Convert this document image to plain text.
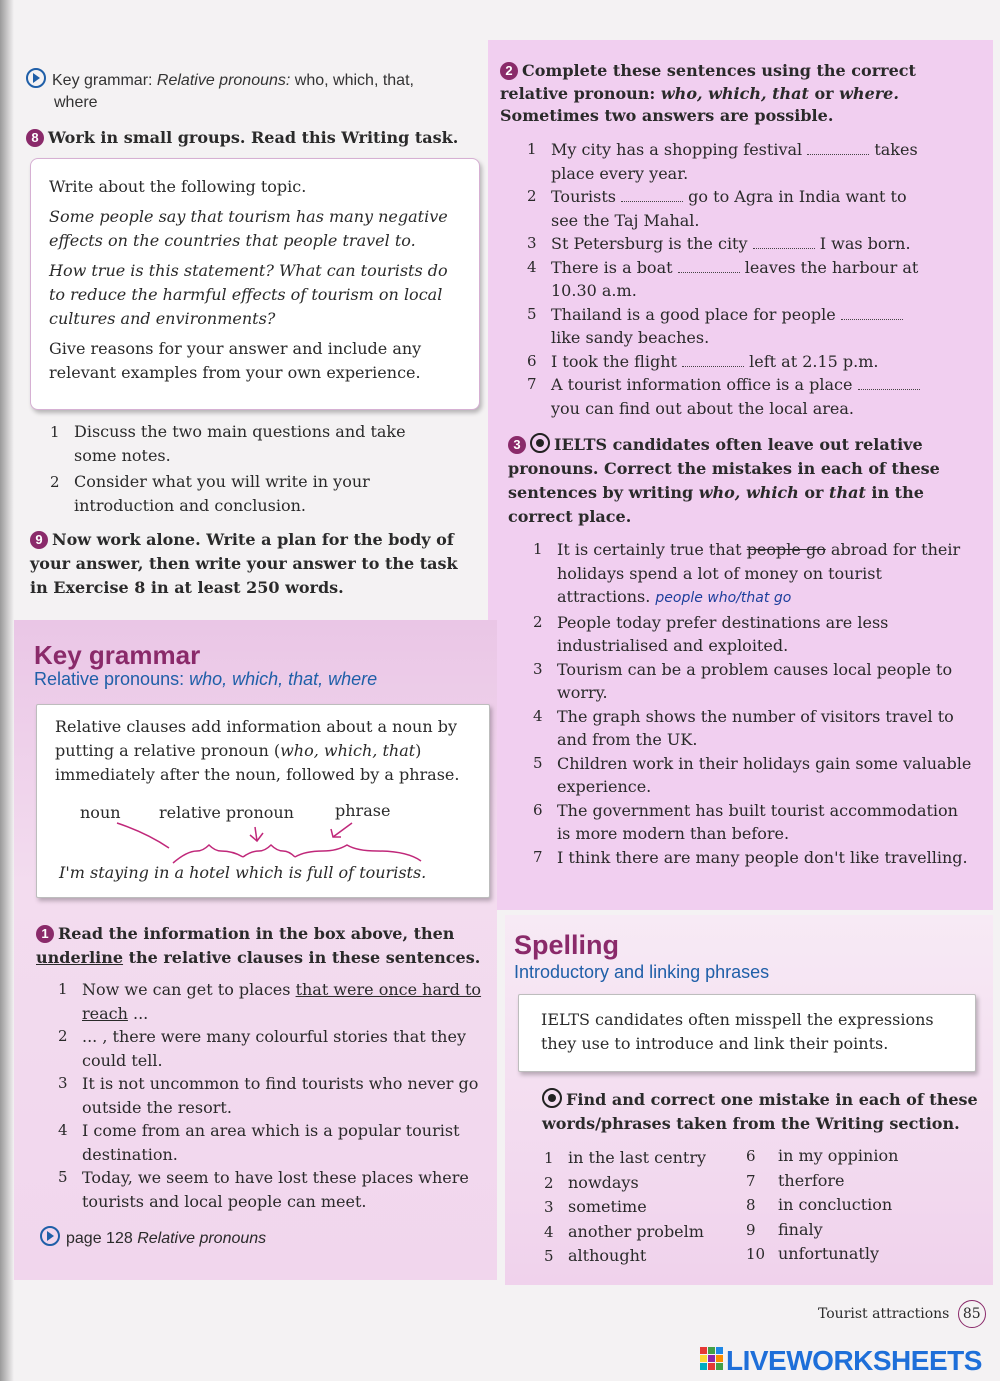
Key grammar: Relative pronouns: who, which, that,
where
8 Work in small groups. Read this Writing task.
Write about the following topic.
Some people say that tourism has many negative effects on the countries that people travel to.
How true is this statement? What can tourists do to reduce the harmful effects of tourism on local cultures and environments?
Give reasons for your answer and include any relevant examples from your own experience.
1 Discuss the two main questions and take some notes.
2 Consider what you will write in your introduction and conclusion.
9 Now work alone. Write a plan for the body of your answer, then write your answer to the task in Exercise 8 in at least 250 words.
Key grammar
Relative pronouns: who, which, that, where
Relative clauses add information about a noun by putting a relative pronoun (who, which, that) immediately after the noun, followed by a phrase.
noun relative pronoun	phrase
I'm staying in a hotel which is full of tourists.
1 Read the information in the box above, then underline the relative clauses in these sentences.
1 Now we can get to places that were once hard to reach ...
2 ... , there were many colourful stories that they could tell.
3 It is not uncommon to find tourists who never go outside the resort.
4 I come from an area which is a popular tourist destination.
5 Today, we seem to have lost these places where tourists and local people can meet.
page 128 Relative pronouns
2 Complete these sentences using the correct relative pronoun: who, which, that or where. Sometimes two answers are possible.
1 My city has a shopping festival	takes place every year.
2 Tourists	go to Agra in India want to see the Taj Mahal.
3 St Petersburg is the city	I was born.
4 There is a boat	leaves the harbour at 10.30 a.m.
5 Thailand is a good place for people  like sandy beaches.
6 I took the flight	left at 2.15 p.m.
7 A tourist information office is a place  you can find out about the local area.
3 IELTS candidates often leave out relative pronouns. Correct the mistakes in each of these sentences by writing who, which or that in the correct place.
1 It is certainly true that people go abroad for their holidays spend a lot of money on tourist attractions. people who/that go
2 People today prefer destinations are less industrialised and exploited.
3 Tourism can be a problem causes local people to worry.
4 The graph shows the number of visitors travel to and from the UK.
5 Children work in their holidays gain some valuable experience.
6 The government has built tourist accommodation is more modern than before.
7 I think there are many people don't like travelling.
Spelling
Introductory and linking phrases
IELTS candidates often misspell the expressions they use to introduce and link their points.
Find and correct one mistake in each of these words/phrases taken from the Writing section.
1 in the last centry
2 nowdays
3 sometime
4 another probelm
5 althought
6 in my oppinion
7 therfore
8 in concluction
9 finaly
10 unfortunatly
Tourist attractions 85
LIVEWORKSHEETS
